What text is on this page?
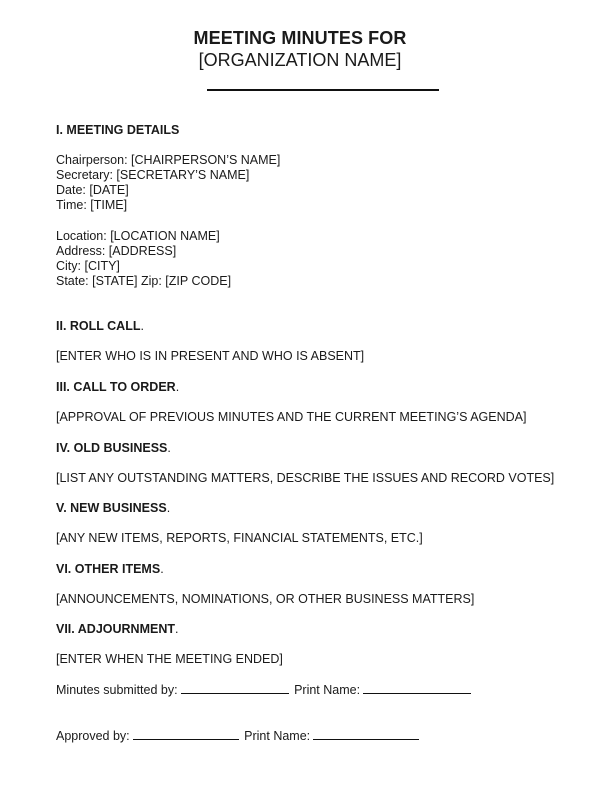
MEETING MINUTES FOR
[ORGANIZATION NAME]
I. MEETING DETAILS
Chairperson: [CHAIRPERSON’S NAME]
Secretary: [SECRETARY’S NAME]
Date: [DATE]
Time: [TIME]
Location: [LOCATION NAME]
Address: [ADDRESS]
City: [CITY]
State: [STATE] Zip: [ZIP CODE]
II. ROLL CALL.
[ENTER WHO IS IN PRESENT AND WHO IS ABSENT]
III. CALL TO ORDER.
[APPROVAL OF PREVIOUS MINUTES AND THE CURRENT MEETING’S AGENDA]
IV. OLD BUSINESS.
[LIST ANY OUTSTANDING MATTERS, DESCRIBE THE ISSUES AND RECORD VOTES]
V. NEW BUSINESS.
[ANY NEW ITEMS, REPORTS, FINANCIAL STATEMENTS, ETC.]
VI. OTHER ITEMS.
[ANNOUNCEMENTS, NOMINATIONS, OR OTHER BUSINESS MATTERS]
VII. ADJOURNMENT.
[ENTER WHEN THE MEETING ENDED]
Minutes submitted by:	Print Name:
Approved by:	Print Name:
